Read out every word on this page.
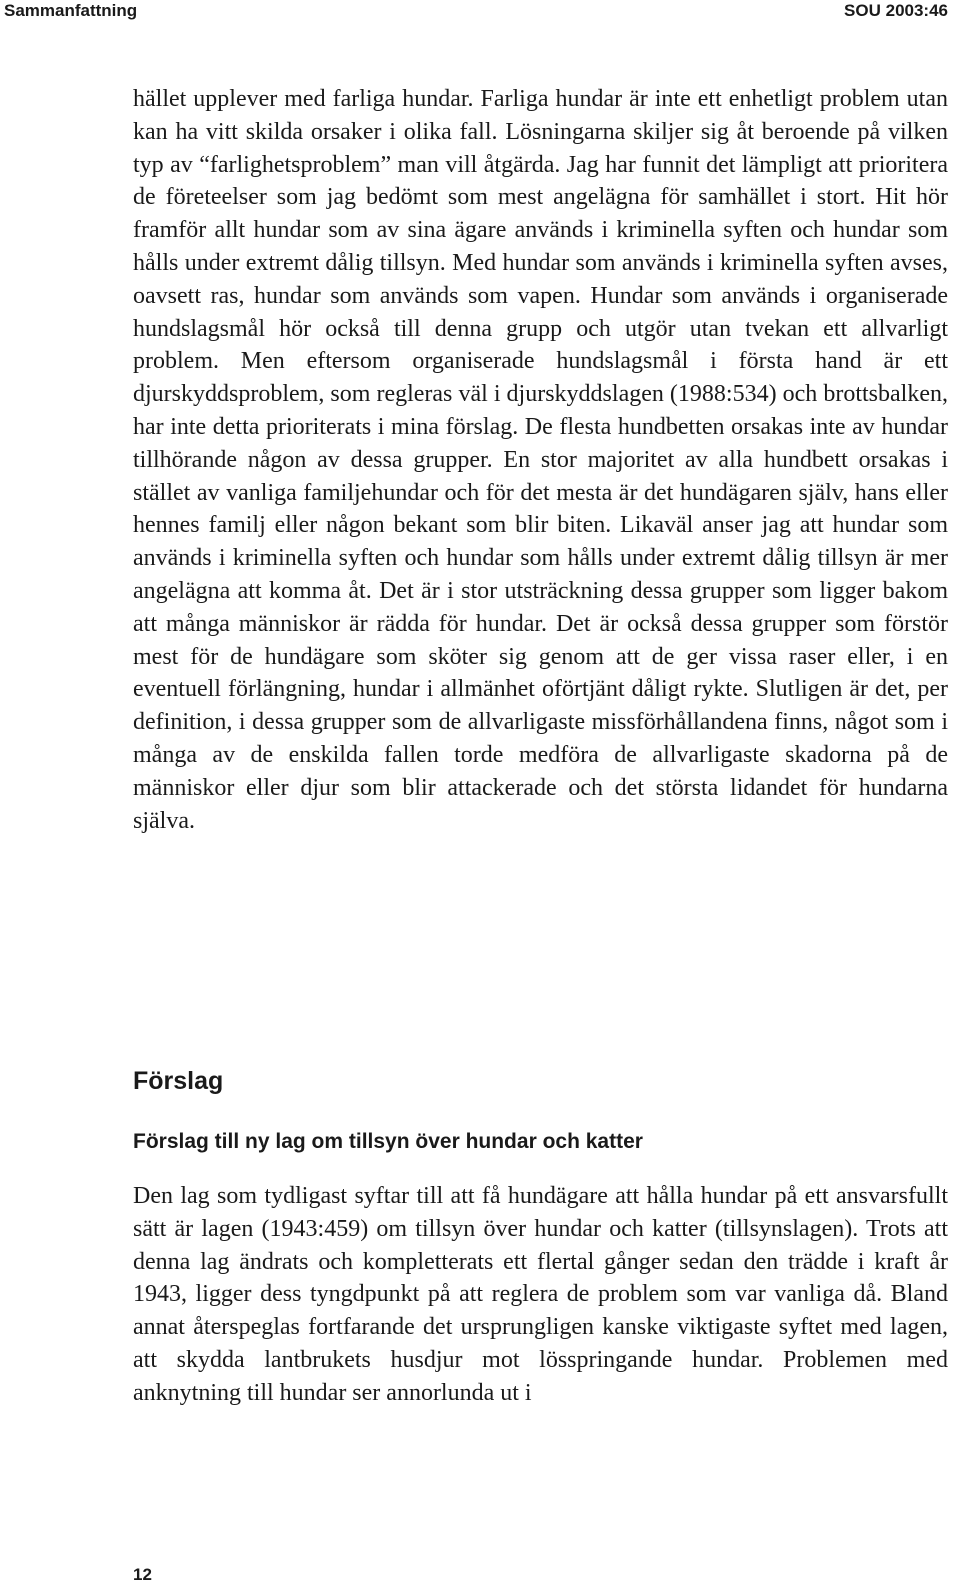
Sammanfattning	SOU 2003:46

hället upplever med farliga hundar. Farliga hundar är inte ett enhetligt problem utan kan ha vitt skilda orsaker i olika fall. Lösningarna skiljer sig åt beroende på vilken typ av “farlighetsproblem” man vill åtgärda. Jag har funnit det lämpligt att prioritera de företeelser som jag bedömt som mest angelägna för samhället i stort. Hit hör framför allt hundar som av sina ägare används i kriminella syften och hundar som hålls under extremt dålig tillsyn. Med hundar som används i kriminella syften avses, oavsett ras, hundar som används som vapen. Hundar som används i organiserade hundslagsmål hör också till denna grupp och utgör utan tvekan ett allvarligt problem. Men eftersom organiserade hundslagsmål i första hand är ett djurskyddsproblem, som regleras väl i djurskyddslagen (1988:534) och brottsbalken, har inte detta prioriterats i mina förslag. De flesta hundbetten orsakas inte av hundar tillhörande någon av dessa grupper. En stor majoritet av alla hundbett orsakas i stället av vanliga familjehundar och för det mesta är det hundägaren själv, hans eller hennes familj eller någon bekant som blir biten. Likaväl anser jag att hundar som används i kriminella syften och hundar som hålls under extremt dålig tillsyn är mer angelägna att komma åt. Det är i stor utsträckning dessa grupper som ligger bakom att många människor är rädda för hundar. Det är också dessa grupper som förstör mest för de hundägare som sköter sig genom att de ger vissa raser eller, i en eventuell förlängning, hundar i allmänhet oförtjänt dåligt rykte. Slutligen är det, per definition, i dessa grupper som de allvarligaste missförhållandena finns, något som i många av de enskilda fallen torde medföra de allvarligaste skadorna på de människor eller djur som blir attackerade och det största lidandet för hundarna själva.

Förslag
Förslag till ny lag om tillsyn över hundar och katter

Den lag som tydligast syftar till att få hundägare att hålla hundar på ett ansvarsfullt sätt är lagen (1943:459) om tillsyn över hundar och katter (tillsynslagen). Trots att denna lag ändrats och kompletterats ett flertal gånger sedan den trädde i kraft år 1943, ligger dess tyngdpunkt på att reglera de problem som var vanliga då. Bland annat återspeglas fortfarande det ursprungligen kanske viktigaste syftet med lagen, att skydda lantbrukets husdjur mot lösspringande hundar. Problemen med anknytning till hundar ser annorlunda ut i

12
